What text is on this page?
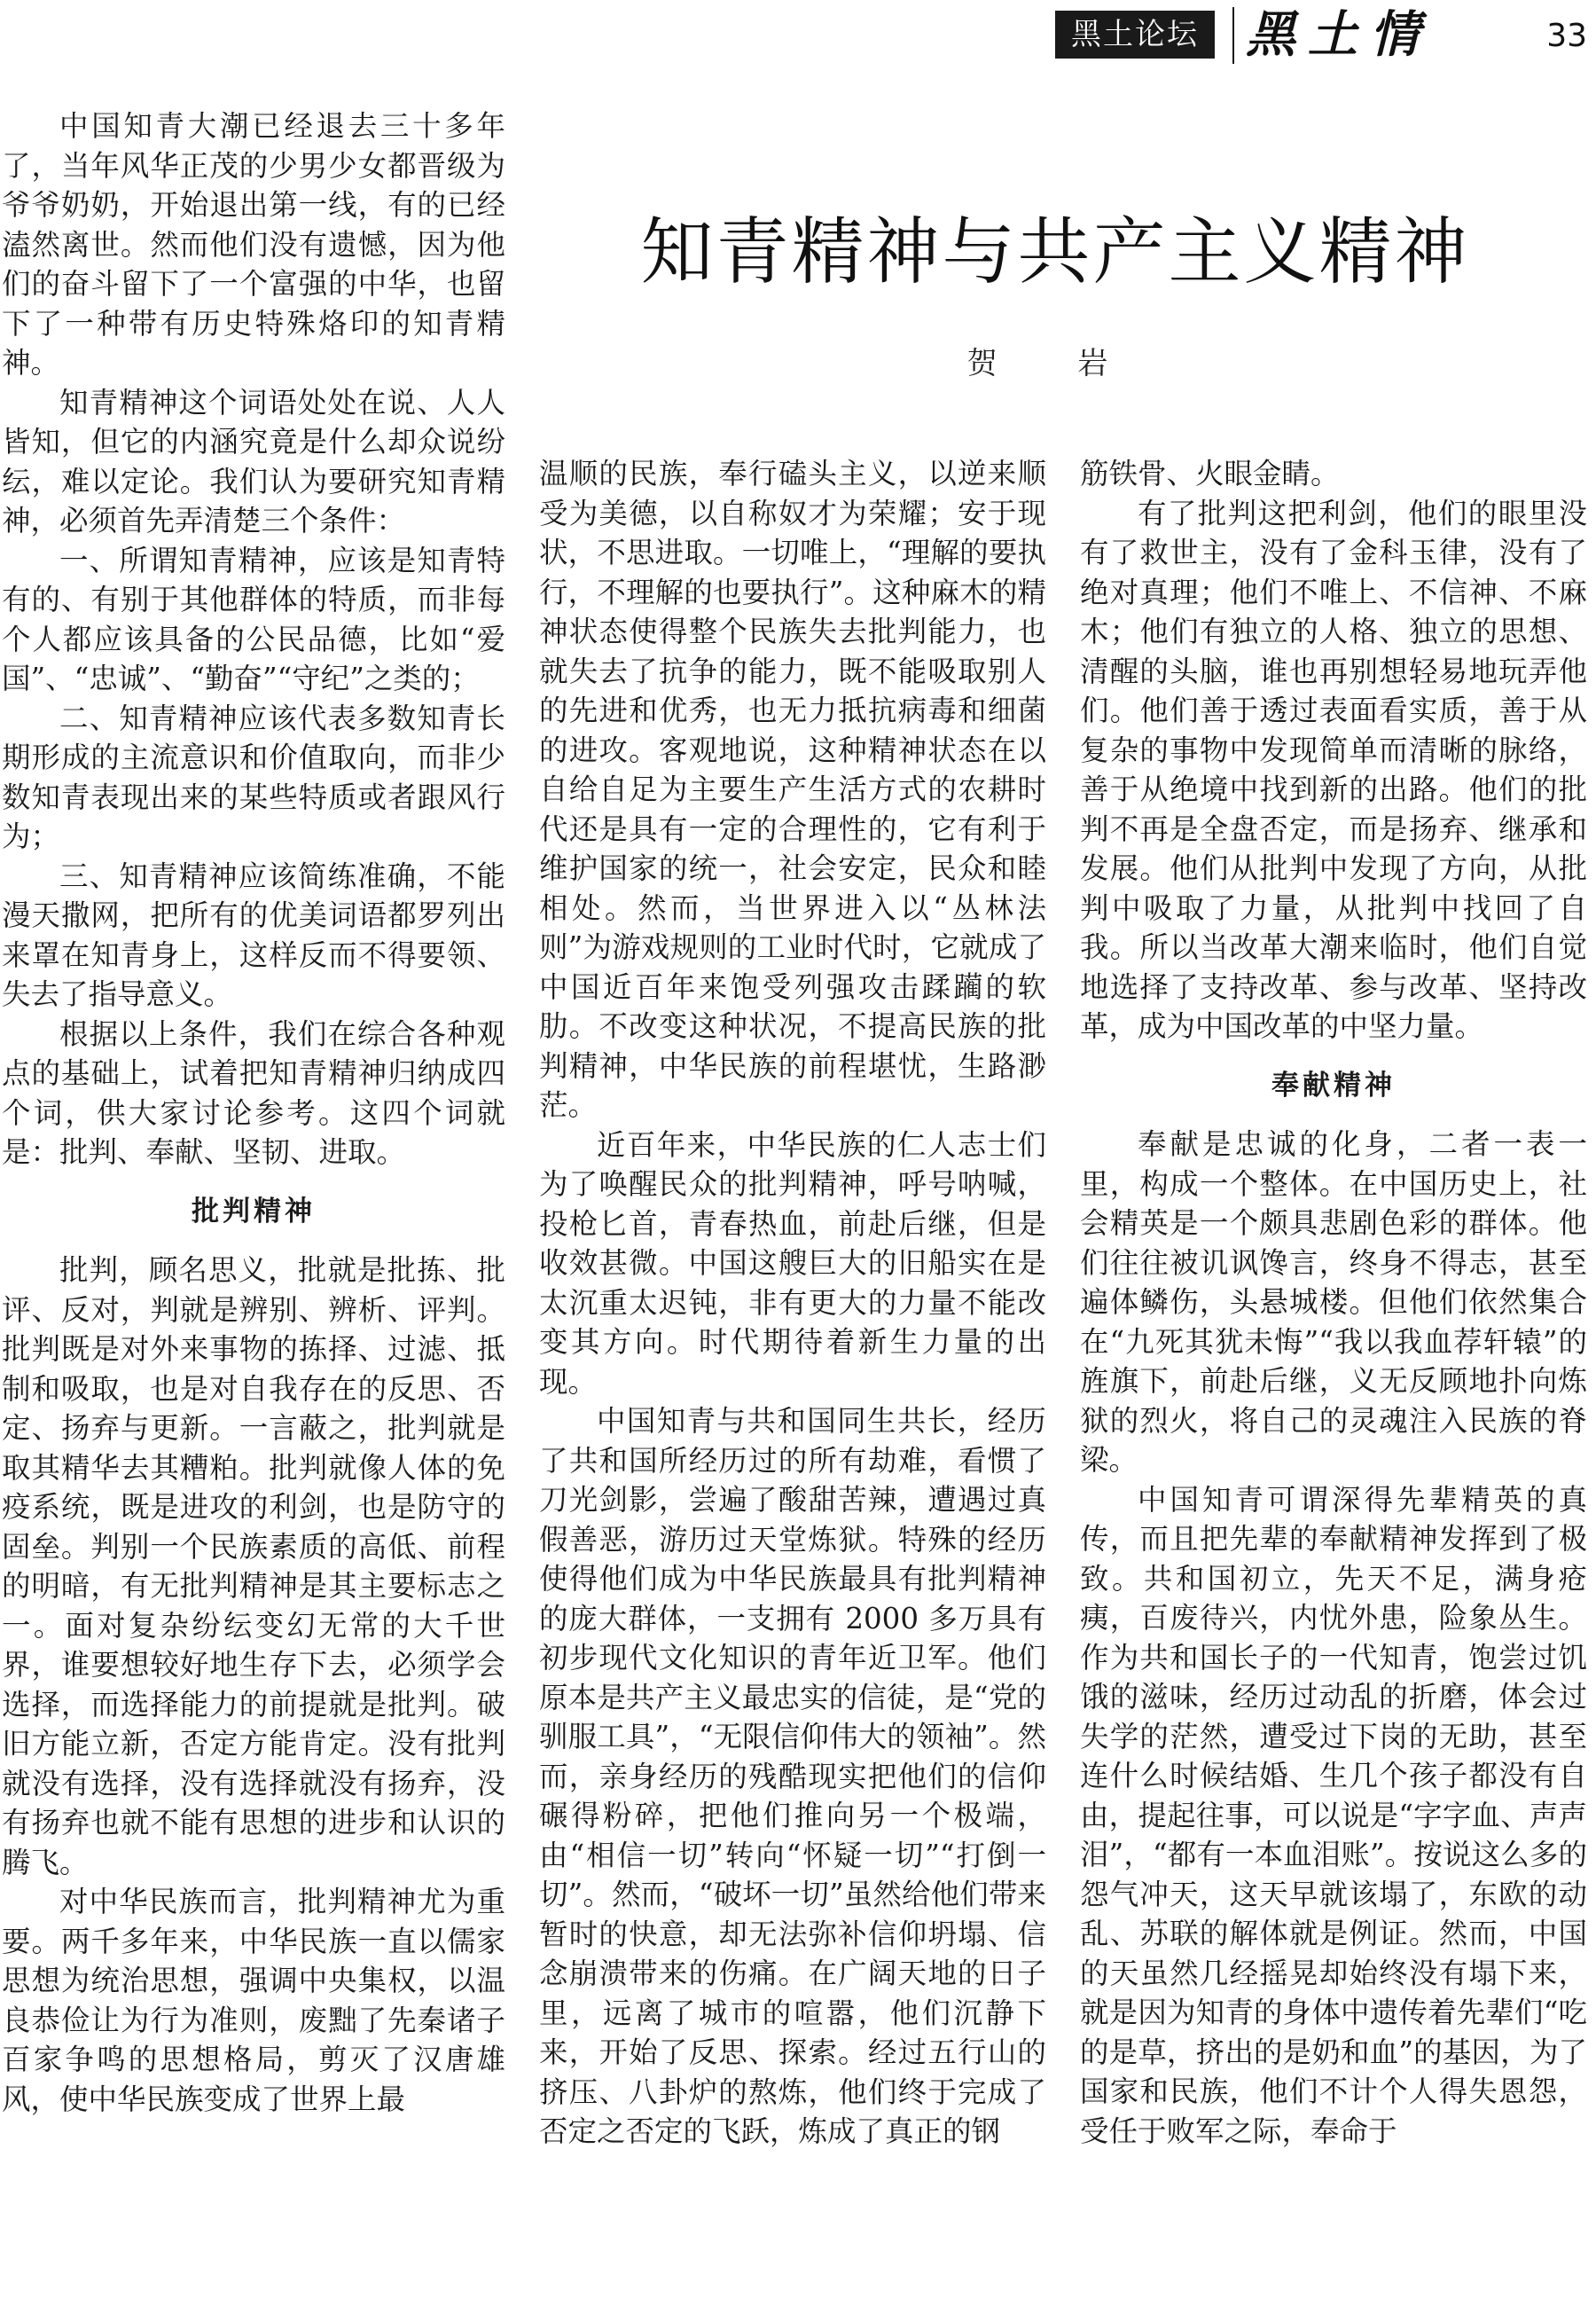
黑土论坛 黑土情	33
知青精神与共产主义精神
贺 岩

中国知青大潮已经退去三十多年了，当年风华正茂的少男少女都晋级为爷爷奶奶，开始退出第一线，有的已经溘然离世。然而他们没有遗憾，因为他们的奋斗留下了一个富强的中华，也留下了一种带有历史特殊烙印的知青精神。

知青精神这个词语处处在说、人人皆知，但它的内涵究竟是什么却众说纷纭，难以定论。我们认为要研究知青精神，必须首先弄清楚三个条件：

一、所谓知青精神，应该是知青特有的、有别于其他群体的特质，而非每个人都应该具备的公民品德，比如“爱国”、“忠诚”、“勤奋”“守纪”之类的；

二、知青精神应该代表多数知青长期形成的主流意识和价值取向，而非少数知青表现出来的某些特质或者跟风行为；

三、知青精神应该简练准确，不能漫天撒网，把所有的优美词语都罗列出来罩在知青身上，这样反而不得要领、失去了指导意义。

根据以上条件，我们在综合各种观点的基础上，试着把知青精神归纳成四个词，供大家讨论参考。这四个词就是：批判、奉献、坚韧、进取。

批判精神

批判，顾名思义，批就是批拣、批评、反对，判就是辨别、辨析、评判。批判既是对外来事物的拣择、过滤、抵制和吸取，也是对自我存在的反思、否定、扬弃与更新。一言蔽之，批判就是取其精华去其糟粕。批判就像人体的免疫系统，既是进攻的利剑，也是防守的固垒。判别一个民族素质的高低、前程的明暗，有无批判精神是其主要标志之一。面对复杂纷纭变幻无常的大千世界，谁要想较好地生存下去，必须学会选择，而选择能力的前提就是批判。破旧方能立新，否定方能肯定。没有批判就没有选择，没有选择就没有扬弃，没有扬弃也就不能有思想的进步和认识的腾飞。

对中华民族而言，批判精神尤为重要。两千多年来，中华民族一直以儒家思想为统治思想，强调中央集权，以温良恭俭让为行为准则，废黜了先秦诸子百家争鸣的思想格局，剪灭了汉唐雄风，使中华民族变成了世界上最

温顺的民族，奉行磕头主义，以逆来顺受为美德，以自称奴才为荣耀；安于现状，不思进取。一切唯上，“理解的要执行，不理解的也要执行”。这种麻木的精神状态使得整个民族失去批判能力，也就失去了抗争的能力，既不能吸取别人的先进和优秀，也无力抵抗病毒和细菌的进攻。客观地说，这种精神状态在以自给自足为主要生产生活方式的农耕时代还是具有一定的合理性的，它有利于维护国家的统一，社会安定，民众和睦相处。然而，当世界进入以“丛林法则”为游戏规则的工业时代时，它就成了中国近百年来饱受列强攻击蹂躏的软肋。不改变这种状况，不提高民族的批判精神，中华民族的前程堪忧，生路渺茫。

近百年来，中华民族的仁人志士们为了唤醒民众的批判精神，呼号呐喊，投枪匕首，青春热血，前赴后继，但是收效甚微。中国这艘巨大的旧船实在是太沉重太迟钝，非有更大的力量不能改变其方向。时代期待着新生力量的出现。

中国知青与共和国同生共长，经历了共和国所经历过的所有劫难，看惯了刀光剑影，尝遍了酸甜苦辣，遭遇过真假善恶，游历过天堂炼狱。特殊的经历使得他们成为中华民族最具有批判精神的庞大群体，一支拥有 2000 多万具有初步现代文化知识的青年近卫军。他们原本是共产主义最忠实的信徒，是“党的驯服工具”，“无限信仰伟大的领袖”。然而，亲身经历的残酷现实把他们的信仰碾得粉碎，把他们推向另一个极端，由“相信一切”转向“怀疑一切”“打倒一切”。然而，“破坏一切”虽然给他们带来暂时的快意，却无法弥补信仰坍塌、信念崩溃带来的伤痛。在广阔天地的日子里，远离了城市的喧嚣，他们沉静下来，开始了反思、探索。经过五行山的挤压、八卦炉的熬炼，他们终于完成了否定之否定的飞跃，炼成了真正的钢

筋铁骨、火眼金睛。

有了批判这把利剑，他们的眼里没有了救世主，没有了金科玉律，没有了绝对真理；他们不唯上、不信神、不麻木；他们有独立的人格、独立的思想、清醒的头脑，谁也再别想轻易地玩弄他们。他们善于透过表面看实质，善于从复杂的事物中发现简单而清晰的脉络，善于从绝境中找到新的出路。他们的批判不再是全盘否定，而是扬弃、继承和发展。他们从批判中发现了方向，从批判中吸取了力量，从批判中找回了自我。所以当改革大潮来临时，他们自觉地选择了支持改革、参与改革、坚持改革，成为中国改革的中坚力量。

奉献精神

奉献是忠诚的化身，二者一表一里，构成一个整体。在中国历史上，社会精英是一个颇具悲剧色彩的群体。他们往往被讥讽馋言，终身不得志，甚至遍体鳞伤，头悬城楼。但他们依然集合在“九死其犹未悔”“我以我血荐轩辕”的旌旗下，前赴后继，义无反顾地扑向炼狱的烈火，将自己的灵魂注入民族的脊梁。

中国知青可谓深得先辈精英的真传，而且把先辈的奉献精神发挥到了极致。共和国初立，先天不足，满身疮痍，百废待兴，内忧外患，险象丛生。作为共和国长子的一代知青，饱尝过饥饿的滋味，经历过动乱的折磨，体会过失学的茫然，遭受过下岗的无助，甚至连什么时候结婚、生几个孩子都没有自由，提起往事，可以说是“字字血、声声泪”，“都有一本血泪账”。按说这么多的怨气冲天，这天早就该塌了，东欧的动乱、苏联的解体就是例证。然而，中国的天虽然几经摇晃却始终没有塌下来，就是因为知青的身体中遗传着先辈们“吃的是草，挤出的是奶和血”的基因，为了国家和民族，他们不计个人得失恩怨，受任于败军之际，奉命于
